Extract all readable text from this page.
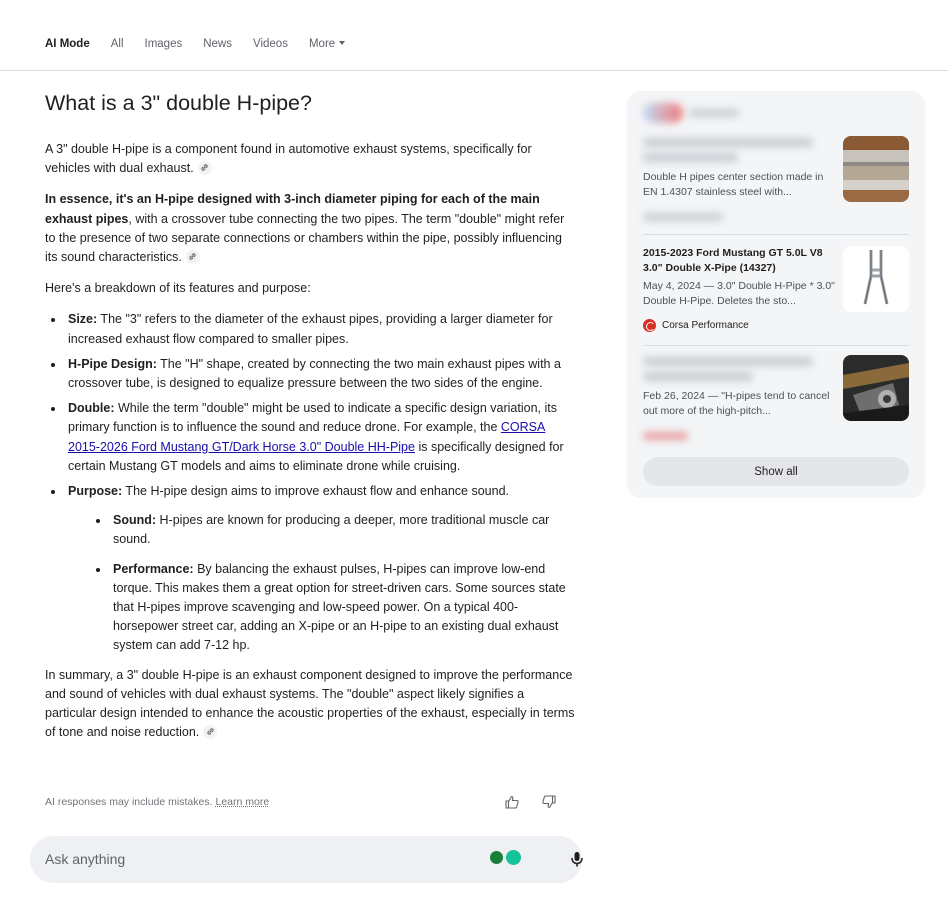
AI Mode All Images News Videos More
What is a 3" double H-pipe?

A 3" double H-pipe is a component found in automotive exhaust systems, specifically for vehicles with dual exhaust.

In essence, it's an H-pipe designed with 3-inch diameter piping for each of the main exhaust pipes, with a crossover tube connecting the two pipes. The term "double" might refer to the presence of two separate connections or chambers within the pipe, possibly influencing its sound characteristics.

Here's a breakdown of its features and purpose:

Size: The "3" refers to the diameter of the exhaust pipes, providing a larger diameter for increased exhaust flow compared to smaller pipes.
H-Pipe Design: The "H" shape, created by connecting the two main exhaust pipes with a crossover tube, is designed to equalize pressure between the two sides of the engine.
Double: While the term "double" might be used to indicate a specific design variation, its primary function is to influence the sound and reduce drone. For example, the CORSA 2015-2026 Ford Mustang GT/Dark Horse 3.0" Double HH-Pipe is specifically designed for certain Mustang GT models and aims to eliminate drone while cruising.
Purpose: The H-pipe design aims to improve exhaust flow and enhance sound.
Sound: H-pipes are known for producing a deeper, more traditional muscle car sound.
Performance: By balancing the exhaust pulses, H-pipes can improve low-end torque. This makes them a great option for street-driven cars. Some sources state that H-pipes improve scavenging and low-speed power. On a typical 400-horsepower street car, adding an X-pipe or an H-pipe to an existing dual exhaust system can add 7-12 hp.

In summary, a 3" double H-pipe is an exhaust component designed to improve the performance and sound of vehicles with dual exhaust systems. The "double" aspect likely signifies a particular design intended to enhance the acoustic properties of the exhaust, especially in terms of tone and noise reduction.

AI responses may include mistakes. Learn more
Ask anything
Double H pipes center section made in EN 1.4307 stainless steel with...
2015-2023 Ford Mustang GT 5.0L V8 3.0" Double X-Pipe (14327)
May 4, 2024 — 3.0" Double H-Pipe * 3.0" Double H-Pipe. Deletes the sto...
Corsa Performance
Feb 26, 2024 — "H-pipes tend to cancel out more of the high-pitch...
Show all
